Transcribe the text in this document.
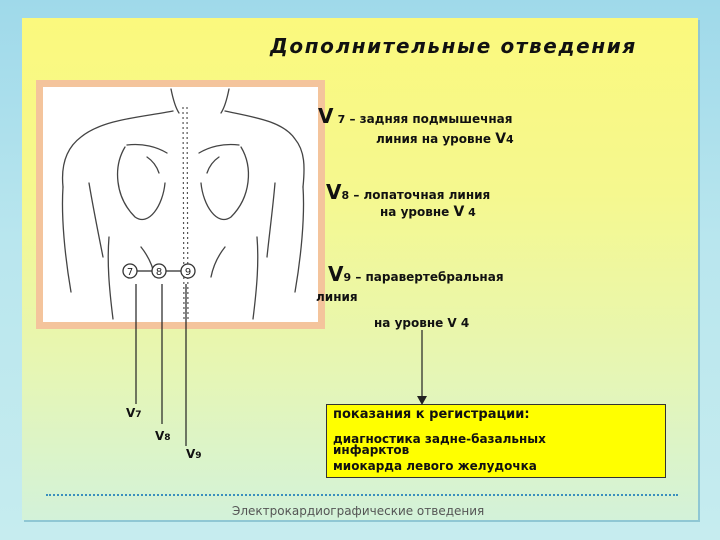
Дополнительные отведения
7 8 9
V 7 – задняя подмышечная
линия на уровне V4
V8 – лопаточная линия
на уровне V 4
V9 – паравертебральная
линия
на уровне V 4
показания к регистрации:
диагностика задне-базальных
инфарктов
миокарда левого желудочка
Электрокардиографические отведения
V7
V8
V9
